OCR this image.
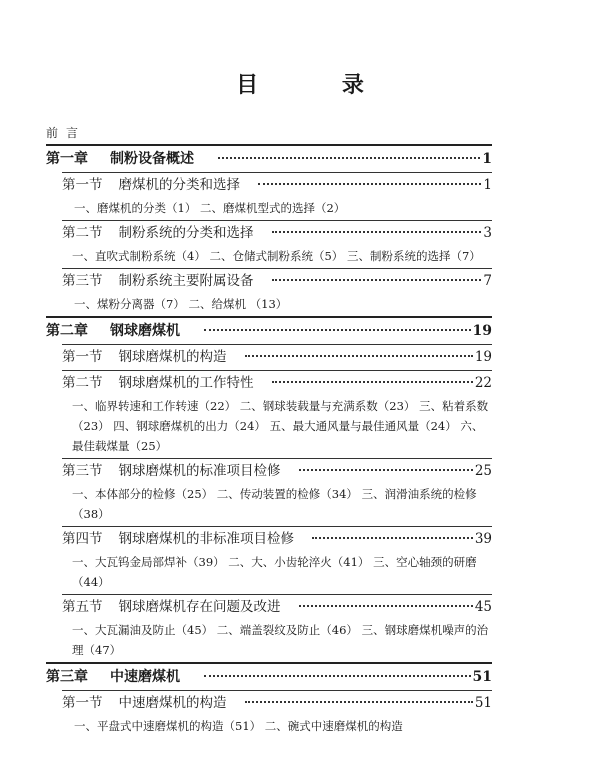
目 录
前言
第一章 制粉设备概述	1
第一节 磨煤机的分类和选择	1
一、磨煤机的分类（1） 二、磨煤机型式的选择（2）
第二节 制粉系统的分类和选择	3
一、直吹式制粉系统（4） 二、仓储式制粉系统（5） 三、制粉系统的选择（7）
第三节 制粉系统主要附属设备	7
一、煤粉分离器（7） 二、给煤机 （13）
第二章 钢球磨煤机	19
第一节 钢球磨煤机的构造	19
第二节 钢球磨煤机的工作特性	22
一、临界转速和工作转速（22） 二、钢球装载量与充满系数（23） 三、粘着系数（23） 四、钢球磨煤机的出力（24） 五、最大通风量与最佳通风量（24） 六、最佳载煤量（25）
第三节 钢球磨煤机的标准项目检修	25
一、本体部分的检修（25） 二、传动装置的检修（34） 三、润滑油系统的检修（38）
第四节 钢球磨煤机的非标准项目检修	39
一、大瓦钨金局部焊补（39） 二、大、小齿轮淬火（41） 三、空心轴颈的研磨（44）
第五节 钢球磨煤机存在问题及改进	45
一、大瓦漏油及防止（45） 二、端盖裂纹及防止（46） 三、钢球磨煤机噪声的治理（47）
第三章 中速磨煤机	51
第一节 中速磨煤机的构造	51
一、平盘式中速磨煤机的构造（51） 二、碗式中速磨煤机的构造
